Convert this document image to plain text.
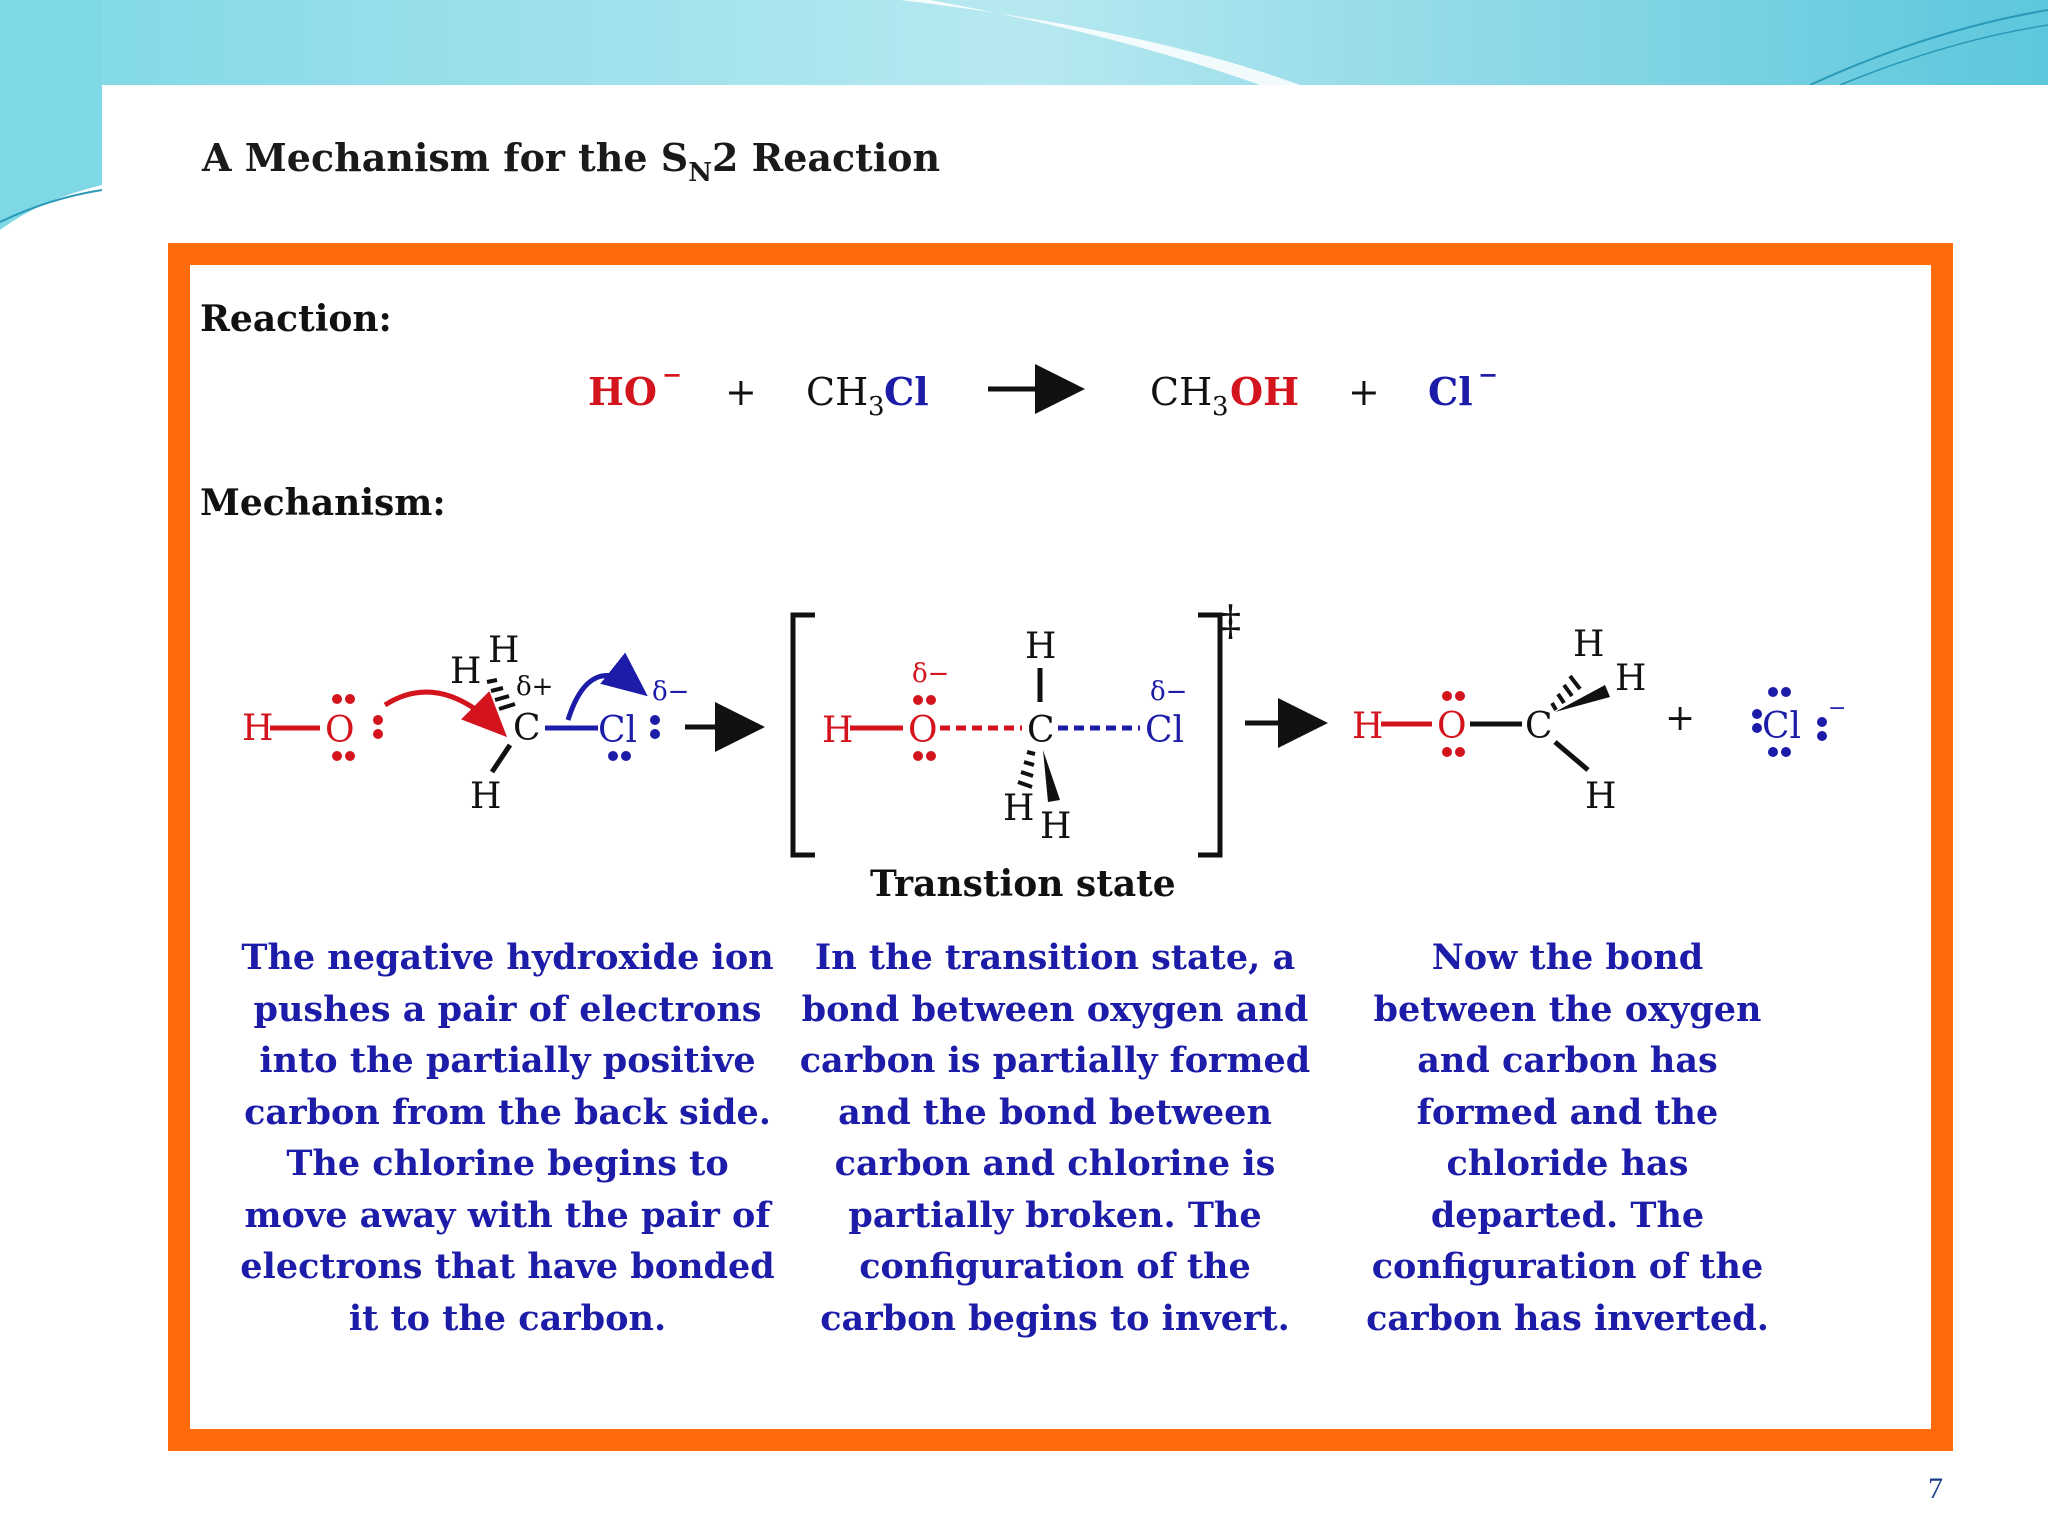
A Mechanism for the $S_N2$ Reaction
Reaction:
Mechanism:
HO − + CH 3 Cl	CH 3 OH + Cl −
H O
H
H
δ+
C
H
Cl
δ−
‡
H O
δ−
H
C	Cl
δ−
H H
H O C
H
H
H
+ Cl −
Transtion state
The negative hydroxide ion
pushes a pair of electrons
into the partially positive
carbon from the back side.
The chlorine begins to
move away with the pair of
electrons that have bonded
it to the carbon.
In the transition state, a
bond between oxygen and
carbon is partially formed
and the bond between
carbon and chlorine is
partially broken. The
configuration of the
carbon begins to invert.
Now the bond
between the oxygen
and carbon has
formed and the
chloride has
departed. The
configuration of the
carbon has inverted.
7
